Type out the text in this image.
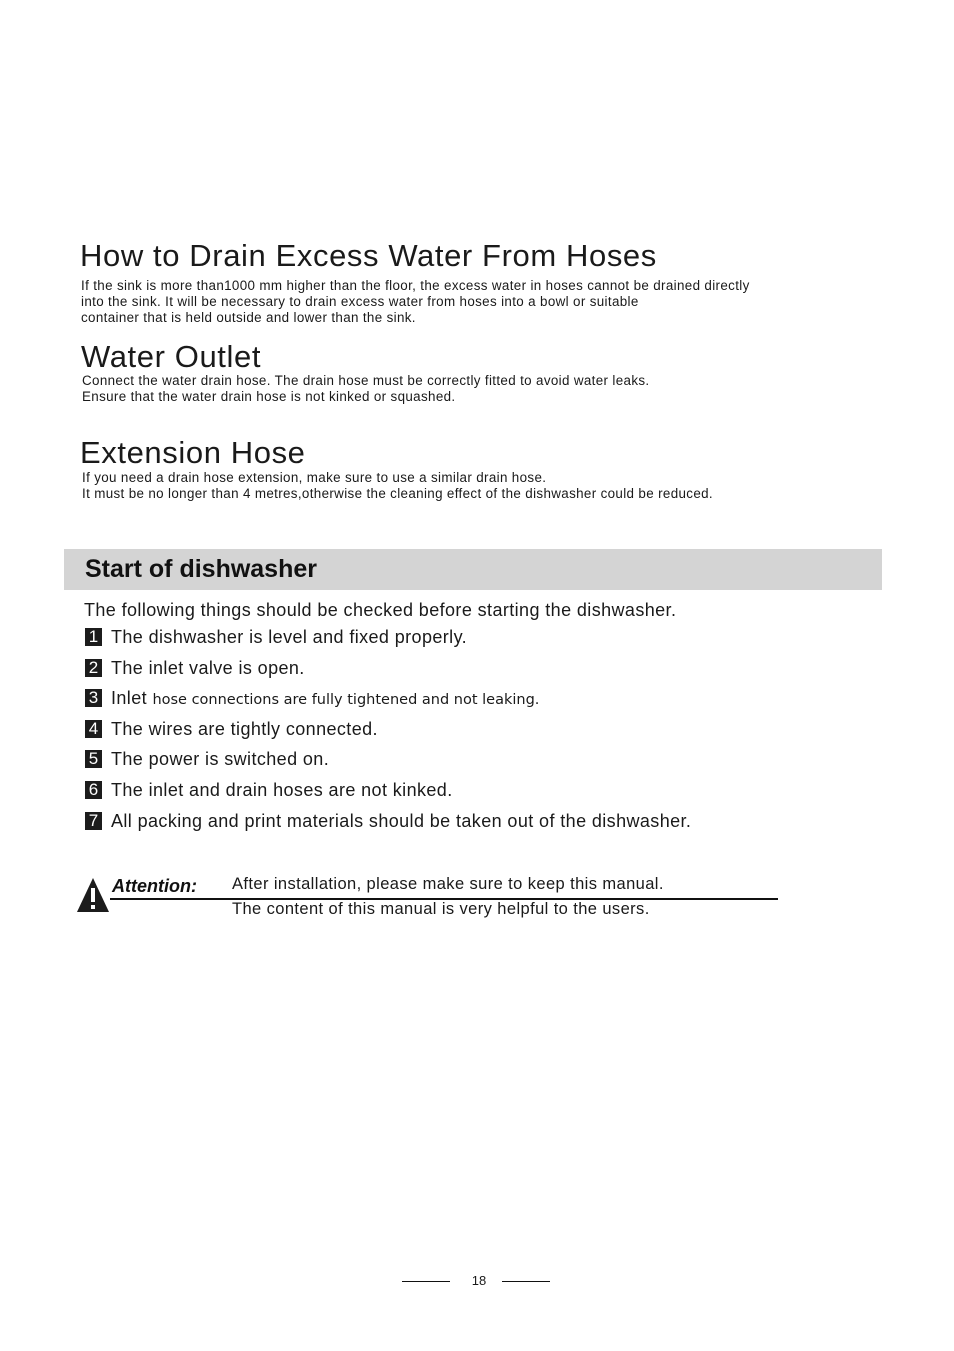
How to Drain Excess Water From Hoses
If the sink is more than1000 mm higher than the floor, the excess water in hoses cannot be drained directly
into the sink. It will be necessary to drain excess water from hoses into a bowl or suitable
container that is held outside and lower than the sink.
Water Outlet
Connect the water drain hose. The drain hose must be correctly fitted to avoid water leaks.
Ensure that the water drain hose is not kinked or squashed.
Extension Hose
If you need a drain hose extension, make sure to use a similar drain hose.
It must be no longer than 4 metres,otherwise the cleaning effect of the dishwasher could be reduced.
Start of dishwasher
The following things should be checked before starting the dishwasher.
1 The dishwasher is level and fixed properly.
2 The inlet valve is open.
3 Inlet hose connections are fully tightened and not leaking.
4 The wires are tightly connected.
5 The power is switched on.
6 The inlet and drain hoses are not kinked.
7 All packing and print materials should be taken out of the dishwasher.
Attention: After installation, please make sure to keep this manual.
The content of this manual is very helpful to the users.
18
